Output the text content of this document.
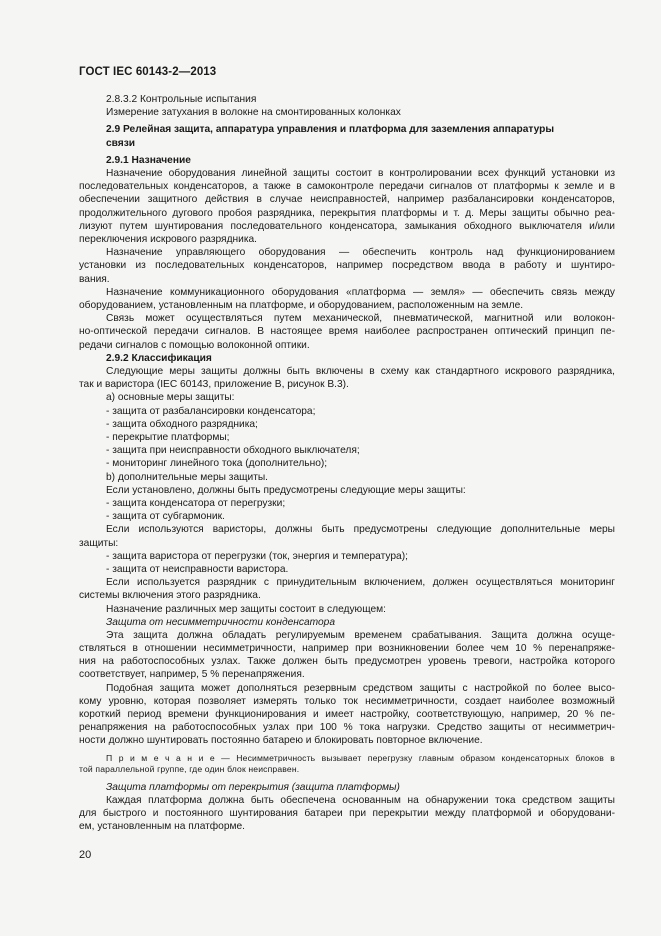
ГОСТ IEC 60143-2—2013
2.8.3.2 Контрольные испытания
Измерение затухания в волокне на смонтированных колонках
2.9 Релейная защита, аппаратура управления и платформа для заземления аппаратуры
связи
2.9.1 Назначение
Назначение оборудования линейной защиты состоит в контролировании всех функций установки из
последовательных конденсаторов, а также в самоконтроле передачи сигналов от платформы к земле и в
обеспечении защитного действия в случае неисправностей, например разбалансировки конденсаторов,
продолжительного дугового пробоя разрядника, перекрытия платформы и т. д. Меры защиты обычно реа-
лизуют путем шунтирования последовательного конденсатора, замыкания обходного выключателя и/или
переключения искрового разрядника.
Назначение управляющего оборудования — обеспечить контроль над функционированием
установки из последовательных конденсаторов, например посредством ввода в работу и шунтиро-
вания.
Назначение коммуникационного оборудования «платформа — земля» — обеспечить связь между
оборудованием, установленным на платформе, и оборудованием, расположенным на земле.
Связь может осуществляться путем механической, пневматической, магнитной или волокон-
но-оптической передачи сигналов. В настоящее время наиболее распространен оптический принцип пе-
редачи сигналов с помощью волоконной оптики.
2.9.2 Классификация
Следующие меры защиты должны быть включены в схему как стандартного искрового разрядника,
так и варистора (IEC 60143, приложение B, рисунок B.3).
a) основные меры защиты:
- защита от разбалансировки конденсатора;
- защита обходного разрядника;
- перекрытие платформы;
- защита при неисправности обходного выключателя;
- мониторинг линейного тока (дополнительно);
b) дополнительные меры защиты.
Если установлено, должны быть предусмотрены следующие меры защиты:
- защита конденсатора от перегрузки;
- защита от субгармоник.
Если используются варисторы, должны быть предусмотрены следующие дополнительные меры
защиты:
- защита варистора от перегрузки (ток, энергия и температура);
- защита от неисправности варистора.
Если используется разрядник с принудительным включением, должен осуществляться мониторинг
системы включения этого разрядника.
Назначение различных мер защиты состоит в следующем:
Защита от несимметричности конденсатора
Эта защита должна обладать регулируемым временем срабатывания. Защита должна осуще-
ствляться в отношении несимметричности, например при возникновении более чем 10 % перенапряже-
ния на работоспособных узлах. Также должен быть предусмотрен уровень тревоги, настройка которого
соответствует, например, 5 % перенапряжения.
Подобная защита может дополняться резервным средством защиты с настройкой по более высо-
кому уровню, которая позволяет измерять только ток несимметричности, создает наиболее возможный
короткий период времени функционирования и имеет настройку, соответствующую, например, 20 % пе-
ренапряжения на работоспособных узлах при 100 % тока нагрузки. Средство защиты от несимметрич-
ности должно шунтировать постоянно батарею и блокировать повторное включение.
П р и м е ч а н и е — Несимметричность вызывает перегрузку главным образом конденсаторных блоков в
той параллельной группе, где один блок неисправен.
Защита платформы от перекрытия (защита платформы)
Каждая платформа должна быть обеспечена основанным на обнаружении тока средством защиты
для быстрого и постоянного шунтирования батареи при перекрытии между платформой и оборудовани-
ем, установленным на платформе.
20
